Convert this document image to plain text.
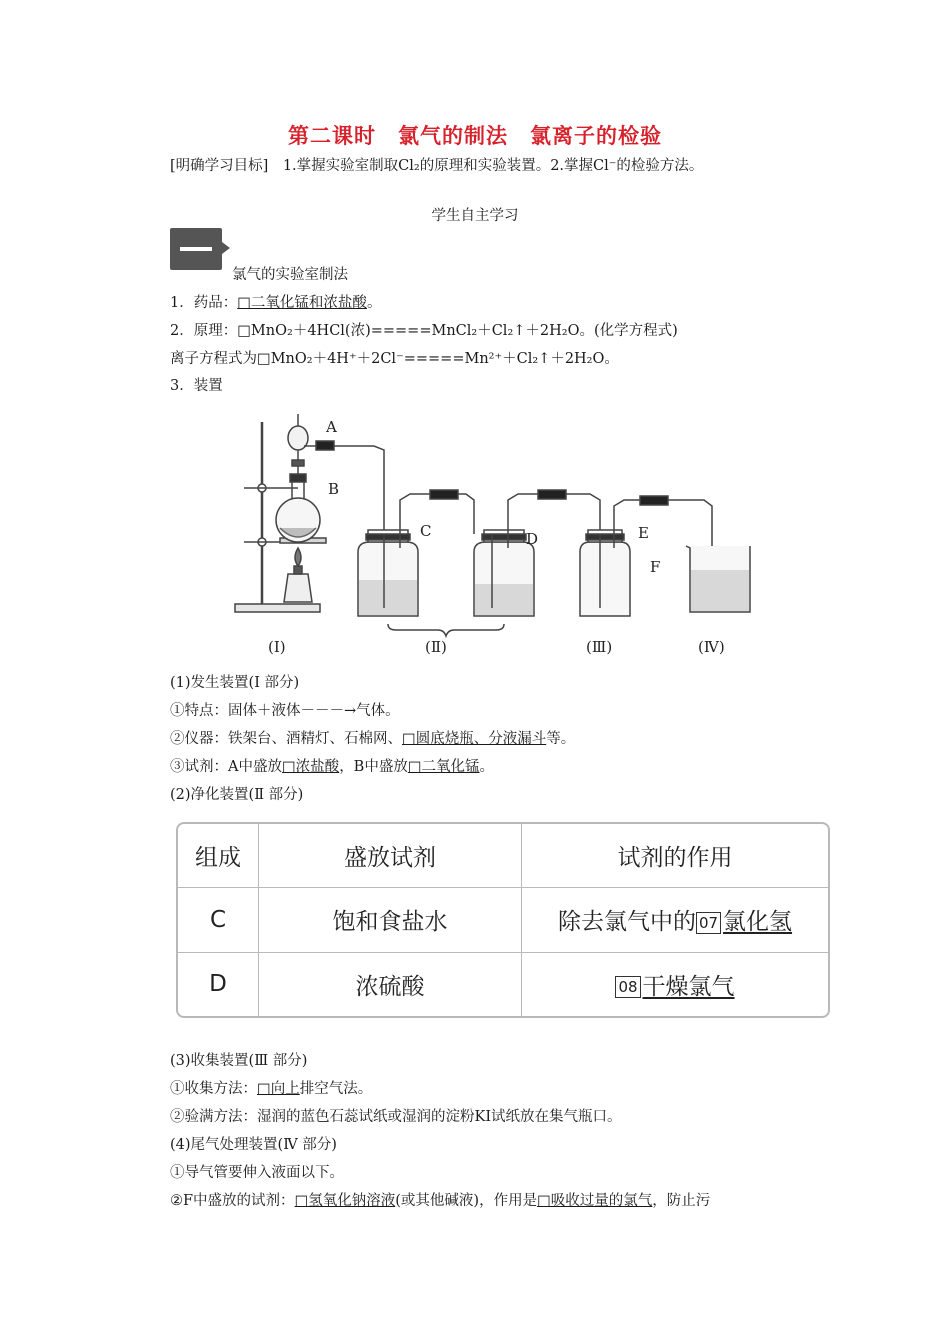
第二课时　氯气的制法　氯离子的检验
[明确学习目标]　1.掌握实验室制取Cl₂的原理和实验装置。2.掌握Cl⁻的检验方法。
学生自主学习
氯气的实验室制法
1．药品：□二氧化锰和浓盐酸。
2．原理：□MnO₂＋4HCl(浓)=====MnCl₂＋Cl₂↑＋2H₂O。(化学方程式)
离子方程式为□MnO₂＋4H⁺＋2Cl⁻=====Mn²⁺＋Cl₂↑＋2H₂O。
3．装置
A
B
C	D	E
F
(Ⅰ)	(Ⅱ)	(Ⅲ)	(Ⅳ)
(1)发生装置(Ⅰ 部分)
①特点：固体＋液体－－－→气体。
②仪器：铁架台、酒精灯、石棉网、□圆底烧瓶、分液漏斗等。
③试剂：A中盛放□浓盐酸，B中盛放□二氧化锰。
(2)净化装置(Ⅱ 部分)
组成	盛放试剂	试剂的作用
C	饱和食盐水	除去氯气中的 07 氯化氢
D	浓硫酸	08 干燥氯气
(3)收集装置(Ⅲ 部分)
①收集方法：□向上排空气法。
②验满方法：湿润的蓝色石蕊试纸或湿润的淀粉KI试纸放在集气瓶口。
(4)尾气处理装置(Ⅳ 部分)
①导气管要伸入液面以下。
②F中盛放的试剂：□氢氧化钠溶液(或其他碱液)，作用是□吸收过量的氯气，防止污
